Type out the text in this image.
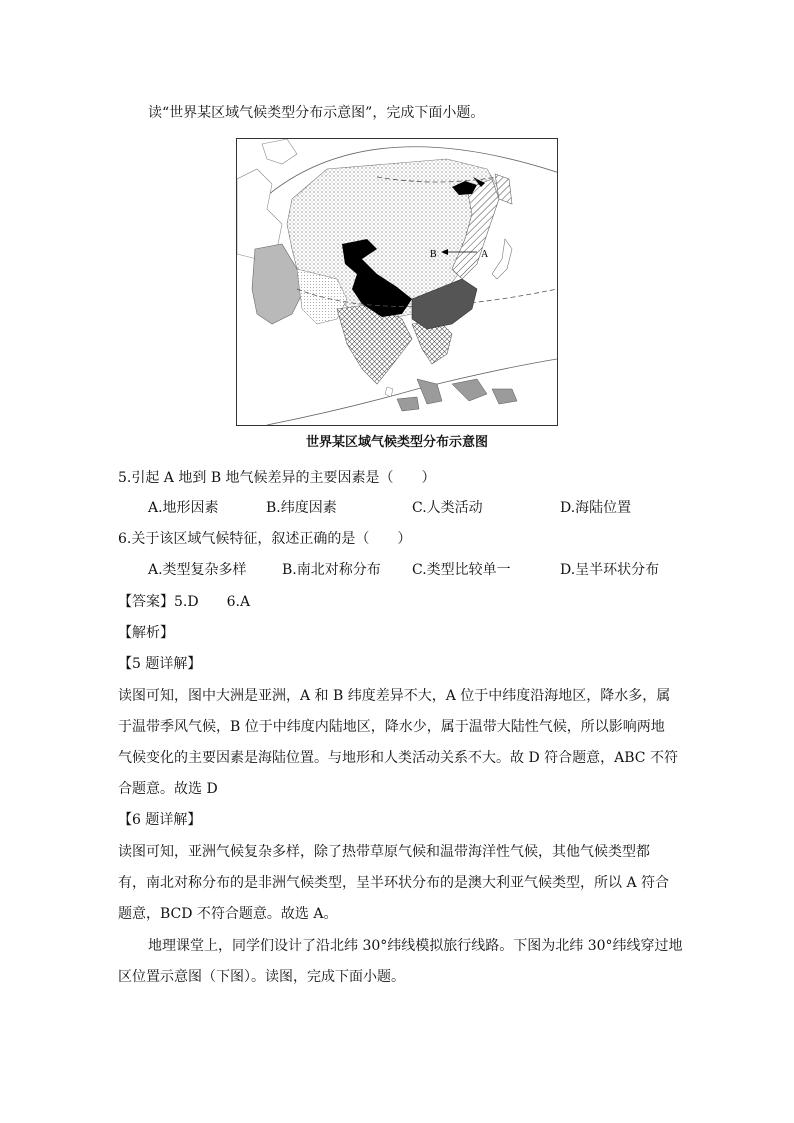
读“世界某区域气候类型分布示意图”，完成下面小题。
B	A
世界某区域气候类型分布示意图
5.引起 A 地到 B 地气候差异的主要因素是（　　）
A.地形因素	B.纬度因素	C.人类活动	D.海陆位置
6.关于该区域气候特征，叙述正确的是（　　）
A.类型复杂多样	B.南北对称分布 C.类型比较单一	D.呈半环状分布
【答案】5.D　　6.A
【解析】
【5 题详解】
读图可知，图中大洲是亚洲，A 和 B 纬度差异不大，A 位于中纬度沿海地区，降水多，属
于温带季风气候，B 位于中纬度内陆地区，降水少，属于温带大陆性气候，所以影响两地
气候变化的主要因素是海陆位置。与地形和人类活动关系不大。故 D 符合题意，ABC 不符
合题意。故选 D
【6 题详解】
读图可知，亚洲气候复杂多样，除了热带草原气候和温带海洋性气候，其他气候类型都
有，南北对称分布的是非洲气候类型，呈半环状分布的是澳大利亚气候类型，所以 A 符合
题意，BCD 不符合题意。故选 A。
地理课堂上，同学们设计了沿北纬 30°纬线模拟旅行线路。下图为北纬 30°纬线穿过地
区位置示意图（下图）。读图，完成下面小题。
